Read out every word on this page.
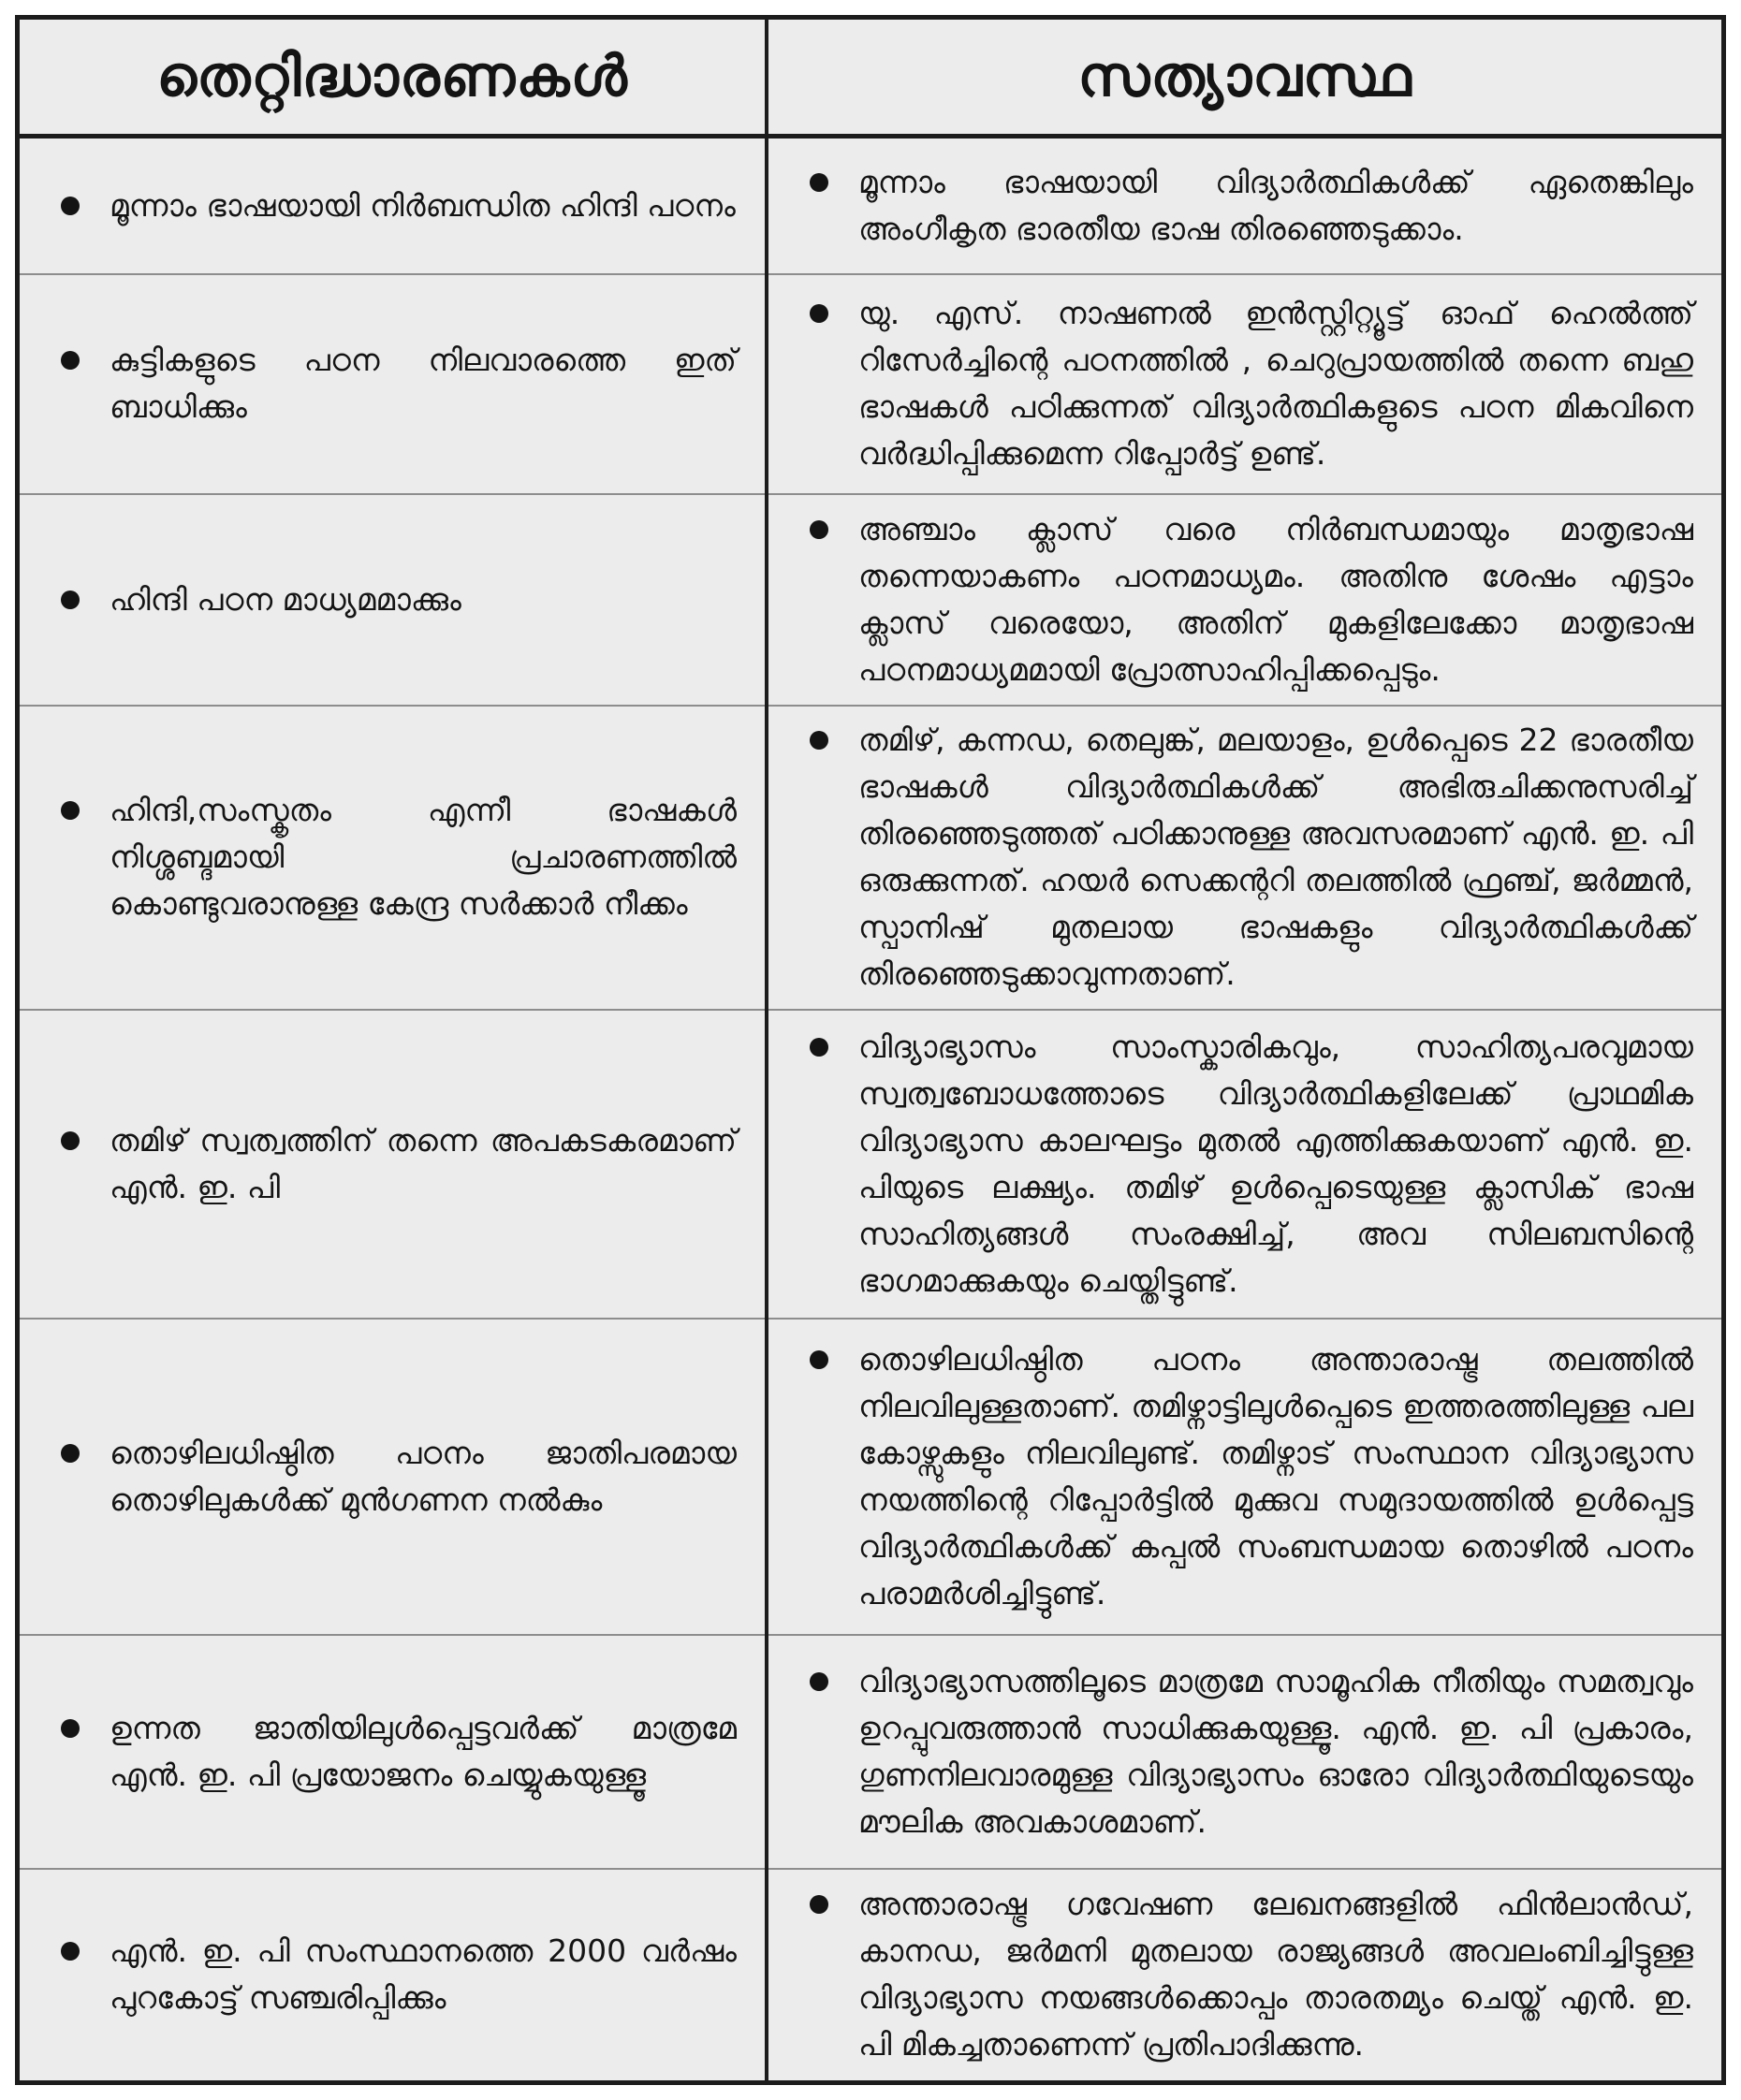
തെറ്റിദ്ധാരണകൾ	സത്യാവസ്ഥ

മൂന്നാം ഭാഷയായി നിർബന്ധിത ഹിന്ദി പഠനം	മൂന്നാം ഭാഷയായി വിദ്യാർത്ഥികൾക്ക് ഏതെങ്കിലും അംഗീകൃത ഭാരതീയ ഭാഷ തിരഞ്ഞെടുക്കാം.

കുട്ടികളുടെ പഠന നിലവാരത്തെ ഇത് ബാധിക്കും	യു. എസ്. നാഷണൽ ഇൻസ്റ്റിറ്റ്യൂട്ട് ഓഫ് ഹെൽത്ത് റിസേർച്ചിന്റെ പഠനത്തിൽ , ചെറുപ്രായത്തിൽ തന്നെ ബഹു ഭാഷകൾ പഠിക്കുന്നത് വിദ്യാർത്ഥികളുടെ പഠന മികവിനെ വർദ്ധിപ്പിക്കുമെന്ന റിപ്പോർട്ട് ഉണ്ട്.

ഹിന്ദി പഠന മാധ്യമമാക്കും	അഞ്ചാം ക്ലാസ് വരെ നിർബന്ധമായും മാതൃഭാഷ തന്നെയാകണം പഠനമാധ്യമം. അതിനു ശേഷം എട്ടാം ക്ലാസ് വരെയോ, അതിന് മുകളിലേക്കോ മാതൃഭാഷ പഠനമാധ്യമമായി പ്രോത്സാഹിപ്പിക്കപ്പെടും.

ഹിന്ദി,സംസ്കൃതം എന്നീ ഭാഷകൾ നിശ്ശബ്ദമായി പ്രചാരണത്തിൽ കൊണ്ടുവരാനുള്ള കേന്ദ്ര സർക്കാർ നീക്കം	തമിഴ്, കന്നഡ, തെലുങ്ക്, മലയാളം, ഉൾപ്പെടെ 22 ഭാരതീയ ഭാഷകൾ വിദ്യാർത്ഥികൾക്ക് അഭിരുചിക്കനുസരിച്ച് തിരഞ്ഞെടുത്തത് പഠിക്കാനുള്ള അവസരമാണ് എൻ. ഇ. പി ഒരുക്കുന്നത്. ഹയർ സെക്കന്ററി തലത്തിൽ ഫ്രഞ്ച്, ജർമ്മൻ, സ്പാനിഷ് മുതലായ ഭാഷകളും വിദ്യാർത്ഥികൾക്ക് തിരഞ്ഞെടുക്കാവുന്നതാണ്.

തമിഴ് സ്വത്വത്തിന് തന്നെ അപകടകരമാണ് എൻ. ഇ. പി	വിദ്യാഭ്യാസം സാംസ്കാരികവും, സാഹിത്യപരവുമായ സ്വത്വബോധത്തോടെ വിദ്യാർത്ഥികളിലേക്ക് പ്രാഥമിക വിദ്യാഭ്യാസ കാലഘട്ടം മുതൽ എത്തിക്കുകയാണ് എൻ. ഇ. പിയുടെ ലക്ഷ്യം. തമിഴ് ഉൾപ്പെടെയുള്ള ക്ലാസിക് ഭാഷ സാഹിത്യങ്ങൾ സംരക്ഷിച്ച്, അവ സിലബസിന്റെ ഭാഗമാക്കുകയും ചെയ്തിട്ടുണ്ട്.

തൊഴിലധിഷ്ഠിത പഠനം ജാതിപരമായ തൊഴിലുകൾക്ക് മുൻഗണന നൽകും	തൊഴിലധിഷ്ഠിത പഠനം അന്താരാഷ്ട്ര തലത്തിൽ നിലവിലുള്ളതാണ്. തമിഴ്നാട്ടിലുൾപ്പെടെ ഇത്തരത്തിലുള്ള പല കോഴ്സുകളും നിലവിലുണ്ട്. തമിഴ്നാട് സംസ്ഥാന വിദ്യാഭ്യാസ നയത്തിന്റെ റിപ്പോർട്ടിൽ മുക്കുവ സമുദായത്തിൽ ഉൾപ്പെട്ട വിദ്യാർത്ഥികൾക്ക് കപ്പൽ സംബന്ധമായ തൊഴിൽ പഠനം പരാമർശിച്ചിട്ടുണ്ട്.

ഉന്നത ജാതിയിലുൾപ്പെട്ടവർക്ക് മാത്രമേ എൻ. ഇ. പി പ്രയോജനം ചെയ്യുകയുള്ളൂ	വിദ്യാഭ്യാസത്തിലൂടെ മാത്രമേ സാമൂഹിക നീതിയും സമത്വവും ഉറപ്പുവരുത്താൻ സാധിക്കുകയുള്ളൂ. എൻ. ഇ. പി പ്രകാരം, ഗുണനിലവാരമുള്ള വിദ്യാഭ്യാസം ഓരോ വിദ്യാർത്ഥിയുടെയും മൗലിക അവകാശമാണ്.

എൻ. ഇ. പി സംസ്ഥാനത്തെ 2000 വർഷം പുറകോട്ട് സഞ്ചരിപ്പിക്കും	അന്താരാഷ്ട്ര ഗവേഷണ ലേഖനങ്ങളിൽ ഫിൻലാൻഡ്, കാനഡ, ജർമനി മുതലായ രാജ്യങ്ങൾ അവലംബിച്ചിട്ടുള്ള വിദ്യാഭ്യാസ നയങ്ങൾക്കൊപ്പം താരതമ്യം ചെയ്ത് എൻ. ഇ. പി മികച്ചതാണെന്ന് പ്രതിപാദിക്കുന്നു.
